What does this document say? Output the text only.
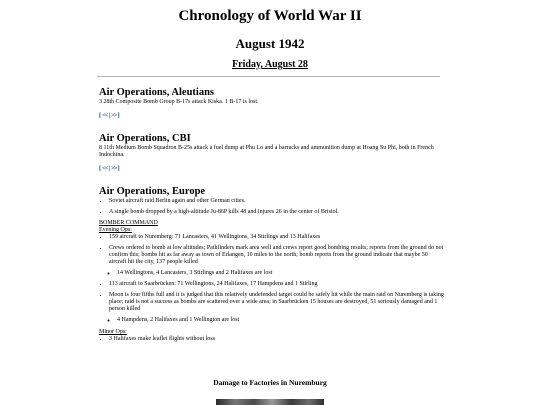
Chronology of World War II
August 1942
Friday, August 28

Air Operations, Aleutians

3 28th Composite Bomb Group B-17s attack Kiska. 1 B-17 is lost.

[ << | >> ]

Air Operations, CBI

8 11th Medium Bomb Squadron B-25s attack a fuel dump at Phu Lo and a barracks and ammunition dump at Hoang Su Phi, both in French Indochina.

[ << | >> ]

Air Operations, Europe

• Soviet aircraft raid Berlin again and other German cities.
• A single bomb dropped by a high-altitude Ju-86P kills 48 and injures 26 in the center of Bristol.

BOMBER COMMAND

Evening Ops:

• 159 aircraft to Nuremberg: 71 Lancasters, 41 Wellingtons, 34 Stirlings and 13 Halifaxes
• Crews ordered to bomb at low altitudes; Pathfinders mark area well and crews report good bombing results; reports from the ground do not confirm this; bombs hit as far away as town of Erlangen, 10 miles to the north; bomb reports from the ground indicate that maybe 50 aircraft hit the city, 137 people killed
◦ 14 Wellingtons, 4 Lancasters, 3 Stirlings and 2 Halifaxes are lost
• 113 aircraft to Saarbrücken: 71 Wellingtons, 24 Halifaxes, 17 Hampdens and 1 Stirling
• Moon is four fifths full and it is judged that this relatively undefended target could be safely hit while the main raid on Nuremberg is taking place; raid is not a success as bombs are scattered over a wide area; in Saarbrücken 15 houses are destroyed, 51 seriously damaged and 1 person killed
◦ 4 Hampdens, 2 Halifaxes and 1 Wellington are lost

Minor Ops:

• 3 Halifaxes make leaflet flights without loss
Damage to Factories in Nuremburg
